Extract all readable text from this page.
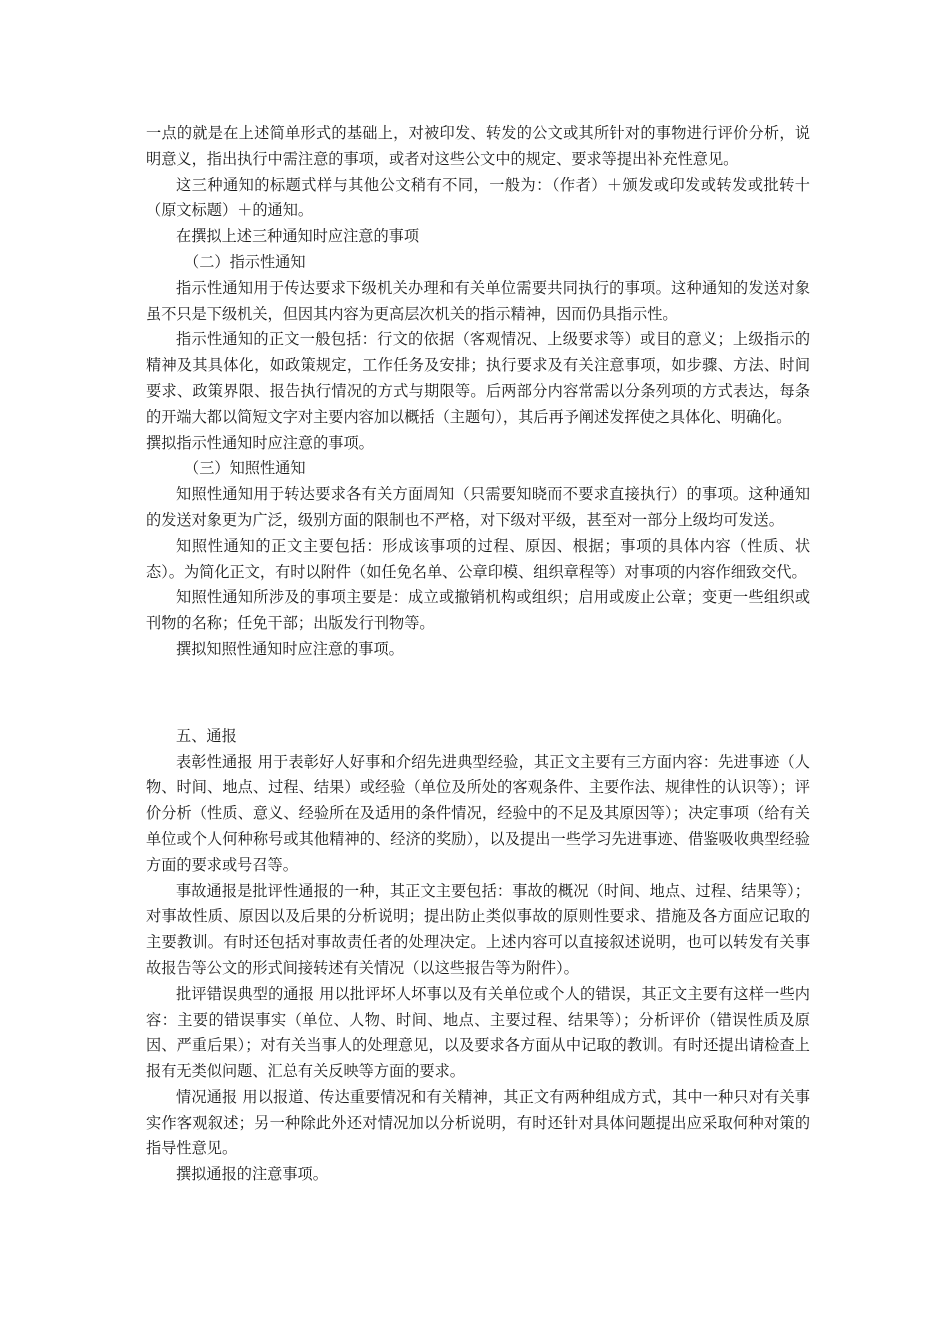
一点的就是在上述简单形式的基础上，对被印发、转发的公文或其所针对的事物进行评价分析，说明意义，指出执行中需注意的事项，或者对这些公文中的规定、要求等提出补充性意见。

这三种通知的标题式样与其他公文稍有不同，一般为：（作者）＋颁发或印发或转发或批转十（原文标题）＋的通知。

在撰拟上述三种通知时应注意的事项

（二）指示性通知

指示性通知用于传达要求下级机关办理和有关单位需要共同执行的事项。这种通知的发送对象虽不只是下级机关，但因其内容为更高层次机关的指示精神，因而仍具指示性。

指示性通知的正文一般包括：行文的依据（客观情况、上级要求等）或目的意义；上级指示的精神及其具体化，如政策规定，工作任务及安排；执行要求及有关注意事项，如步骤、方法、时间要求、政策界限、报告执行情况的方式与期限等。后两部分内容常需以分条列项的方式表达，每条的开端大都以简短文字对主要内容加以概括（主题句），其后再予阐述发挥使之具体化、明确化。

撰拟指示性通知时应注意的事项。

（三）知照性通知

知照性通知用于转达要求各有关方面周知（只需要知晓而不要求直接执行）的事项。这种通知的发送对象更为广泛，级别方面的限制也不严格，对下级对平级，甚至对一部分上级均可发送。

知照性通知的正文主要包括：形成该事项的过程、原因、根据；事项的具体内容（性质、状态）。为简化正文，有时以附件（如任免名单、公章印模、组织章程等）对事项的内容作细致交代。

知照性通知所涉及的事项主要是：成立或撤销机构或组织；启用或废止公章；变更一些组织或刊物的名称；任免干部；出版发行刊物等。

撰拟知照性通知时应注意的事项。

五、通报

表彰性通报 用于表彰好人好事和介绍先进典型经验，其正文主要有三方面内容：先进事迹（人物、时间、地点、过程、结果）或经验（单位及所处的客观条件、主要作法、规律性的认识等）；评价分析（性质、意义、经验所在及适用的条件情况，经验中的不足及其原因等）；决定事项（给有关单位或个人何种称号或其他精神的、经济的奖励），以及提出一些学习先进事迹、借鉴吸收典型经验方面的要求或号召等。

事故通报是批评性通报的一种，其正文主要包括：事故的概况（时间、地点、过程、结果等）；对事故性质、原因以及后果的分析说明；提出防止类似事故的原则性要求、措施及各方面应记取的主要教训。有时还包括对事故责任者的处理决定。上述内容可以直接叙述说明，也可以转发有关事故报告等公文的形式间接转述有关情况（以这些报告等为附件）。

批评错误典型的通报 用以批评坏人坏事以及有关单位或个人的错误，其正文主要有这样一些内容：主要的错误事实（单位、人物、时间、地点、主要过程、结果等）；分析评价（错误性质及原因、严重后果）；对有关当事人的处理意见，以及要求各方面从中记取的教训。有时还提出请检查上报有无类似问题、汇总有关反映等方面的要求。

情况通报 用以报道、传达重要情况和有关精神，其正文有两种组成方式，其中一种只对有关事实作客观叙述；另一种除此外还对情况加以分析说明，有时还针对具体问题提出应采取何种对策的指导性意见。

撰拟通报的注意事项。
